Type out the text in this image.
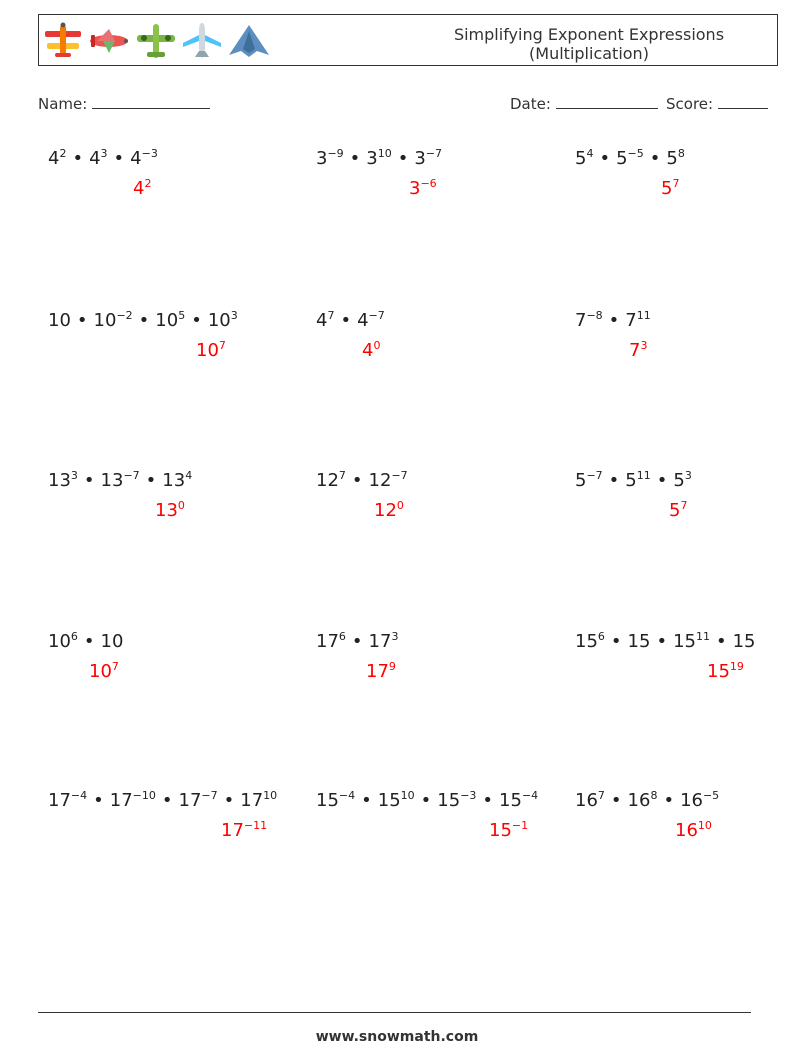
Simplifying Exponent Expressions
(Multiplication)
Name:	Date:	Score:
$4^2$ • $4^3$ • $4^{-3}$
$4^2$
$3^{-9}$ • $3^{10}$ • $3^{-7}$
$3^{-6}$
$5^4$ • $5^{-5}$ • $5^8$
$5^7$
10 • $10^{-2}$ • $10^5$ • $10^3$
$10^7$
$4^7$ • $4^{-7}$
$4^0$
$7^{-8}$ • $7^{11}$
$7^3$
$13^3$ • $13^{-7}$ • $13^4$
$13^0$
$12^7$ • $12^{-7}$
$12^0$
$5^{-7}$ • $5^{11}$ • $5^3$
$5^7$
$10^6$ • 10
$10^7$
$17^6$ • $17^3$
$17^9$
$15^6$ • 15 • $15^{11}$ • 15
$15^{19}$
$17^{-4}$ • $17^{-10}$ • $17^{-7}$ • $17^{10}$
$17^{-11}$
$15^{-4}$ • $15^{10}$ • $15^{-3}$ • $15^{-4}$
$15^{-1}$
$16^7$ • $16^8$ • $16^{-5}$
$16^{10}$
www.snowmath.com
